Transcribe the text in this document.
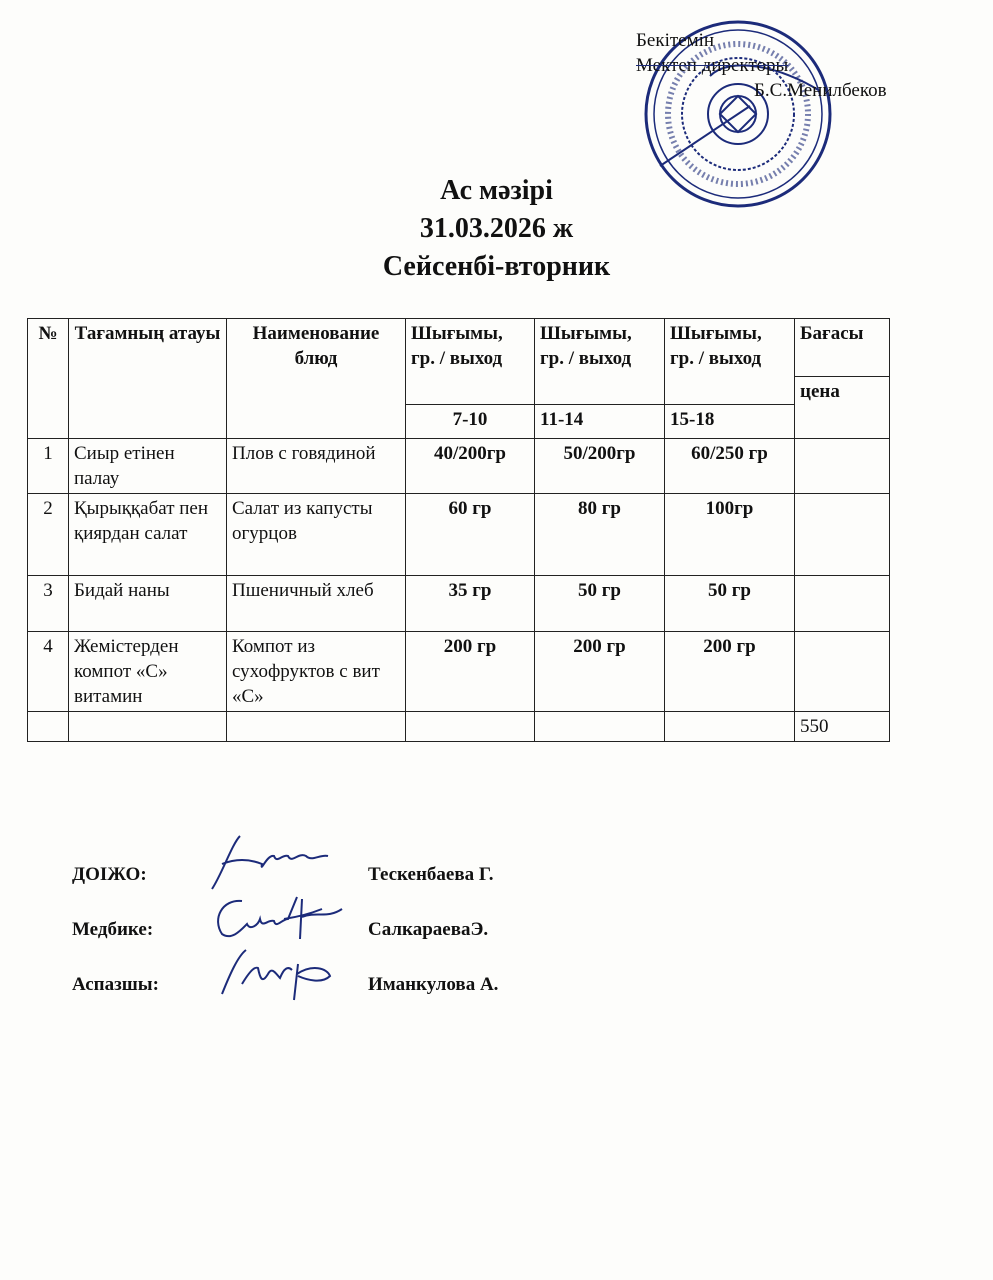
Бекітемін
Мектеп директоры
Б.С.Менилбеков
Ас мәзірі
31.03.2026 ж
Сейсенбі-вторник
№	Тағамның атауы	Наименование блюд	Шығымы, гр. / выход	Шығымы, гр. / выход	Шығымы, гр. / выход	Бағасы
						цена
			7-10	11-14	15-18	
1	Сиыр етінен палау	Плов с говядиной	40/200гр	50/200гр	60/250 гр	
2	Қырыққабат пен қиярдан салат	Салат из капусты огурцов	60 гр	80 гр	100гр	
3	Бидай наны	Пшеничный хлеб	35 гр	50 гр	50 гр	
4	Жемістерден компот «С» витамин	Компот из сухофруктов с вит «С»	200 гр	200 гр	200 гр	
						550
ДОІЖО:	Тескенбаева Г.
Медбике:	СалкараеваЭ.
Аспазшы:	Иманкулова А.
